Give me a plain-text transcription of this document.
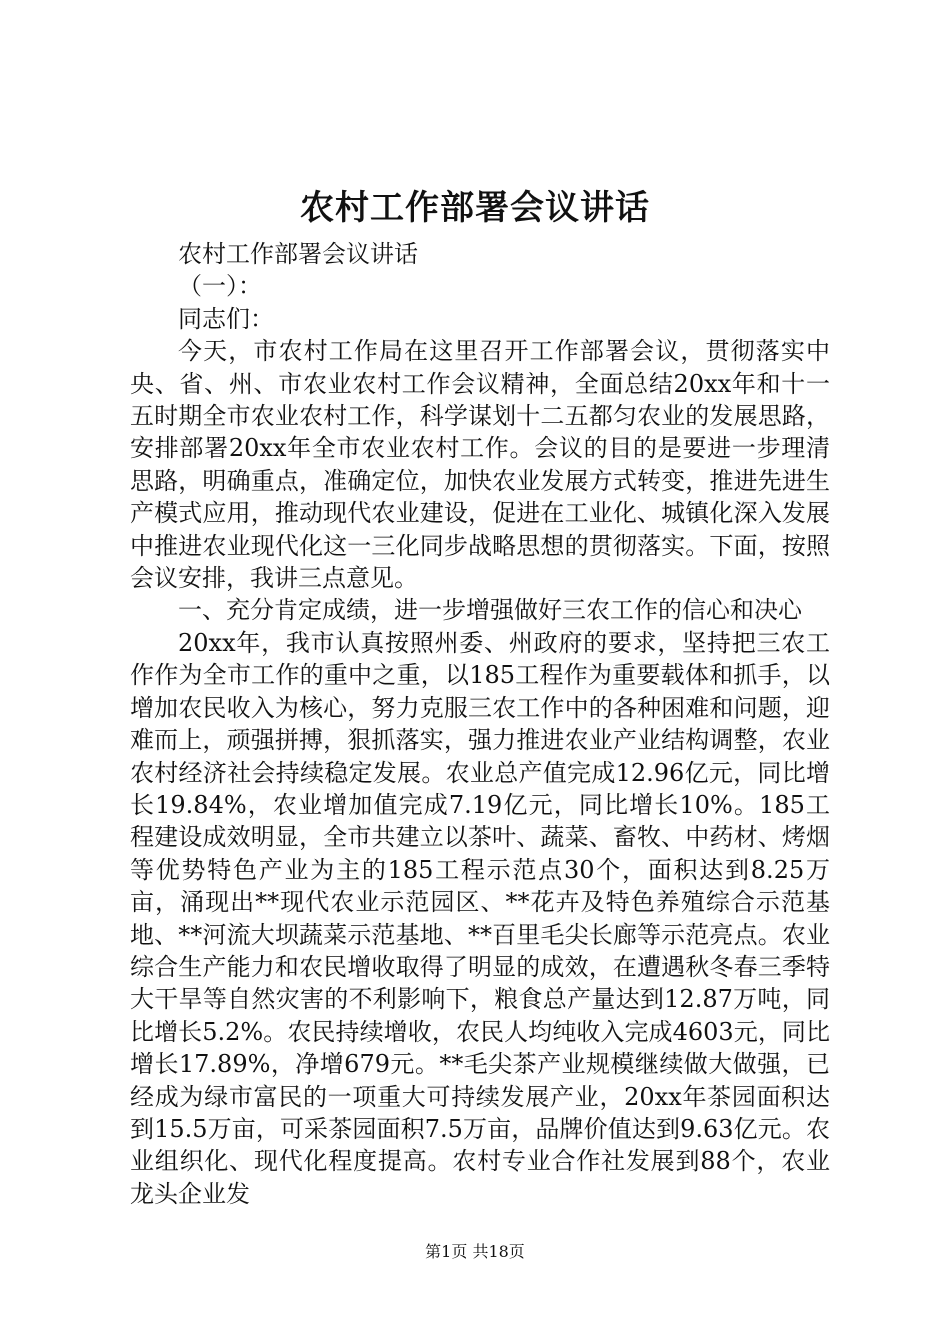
农村工作部署会议讲话

农村工作部署会议讲话

（一）：

同志们：

今天，市农村工作局在这里召开工作部署会议，贯彻落实中央、省、州、市农业农村工作会议精神，全面总结20xx年和十一五时期全市农业农村工作，科学谋划十二五都匀农业的发展思路，安排部署20xx年全市农业农村工作。会议的目的是要进一步理清思路，明确重点，准确定位，加快农业发展方式转变，推进先进生产模式应用，推动现代农业建设，促进在工业化、城镇化深入发展中推进农业现代化这一三化同步战略思想的贯彻落实。下面，按照会议安排，我讲三点意见。

一、充分肯定成绩，进一步增强做好三农工作的信心和决心

20xx年，我市认真按照州委、州政府的要求，坚持把三农工作作为全市工作的重中之重，以185工程作为重要载体和抓手，以增加农民收入为核心，努力克服三农工作中的各种困难和问题，迎难而上，顽强拼搏，狠抓落实，强力推进农业产业结构调整，农业农村经济社会持续稳定发展。农业总产值完成12.96亿元，同比增长19.84%，农业增加值完成7.19亿元，同比增长10%。185工程建设成效明显，全市共建立以茶叶、蔬菜、畜牧、中药材、烤烟等优势特色产业为主的185工程示范点30个，面积达到8.25万亩，涌现出**现代农业示范园区、**花卉及特色养殖综合示范基地、**河流大坝蔬菜示范基地、**百里毛尖长廊等示范亮点。农业综合生产能力和农民增收取得了明显的成效，在遭遇秋冬春三季特大干旱等自然灾害的不利影响下，粮食总产量达到12.87万吨，同比增长5.2%。农民持续增收，农民人均纯收入完成4603元，同比增长17.89%，净增679元。**毛尖茶产业规模继续做大做强，已经成为绿市富民的一项重大可持续发展产业，20xx年茶园面积达到15.5万亩，可采茶园面积7.5万亩，品牌价值达到9.63亿元。农业组织化、现代化程度提高。农村专业合作社发展到88个，农业龙头企业发

第1页 共18页
